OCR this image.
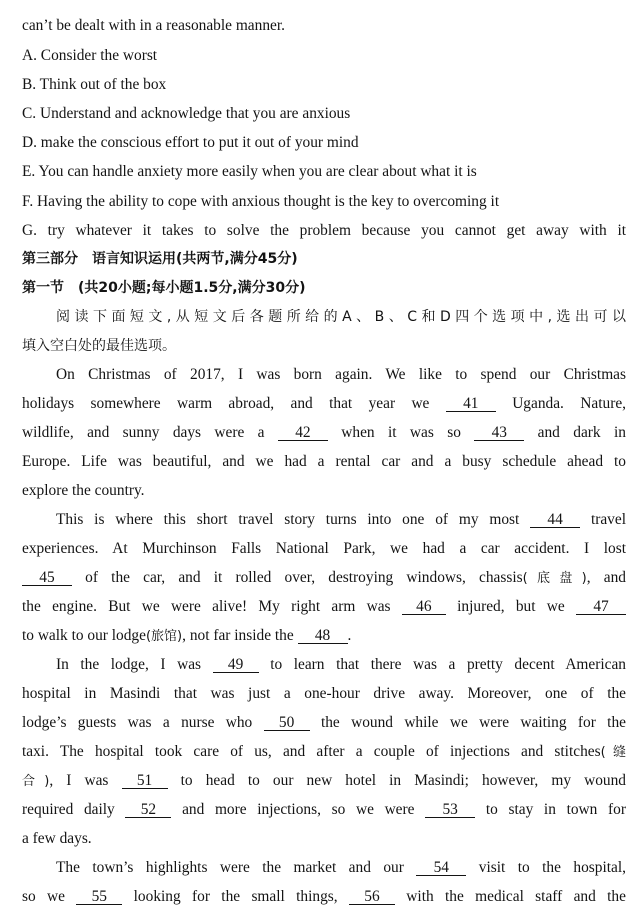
can’t be dealt with in a reasonable manner.
A. Consider the worst
B. Think out of the box
C. Understand and acknowledge that you are anxious
D. make the conscious effort to put it out of your mind
E. You can handle anxiety more easily when you are clear about what it is
F. Having the ability to cope with anxious thought is the key to overcoming it
G. try whatever it takes to solve the problem because you cannot get away with it
第三部分　语言知识运用(共两节,满分45分)
第一节　(共20小题;每小题1.5分,满分30分)
阅读下面短文,从短文后各题所给的A、B、C和D四个选项中,选出可以
填入空白处的最佳选项。
On Christmas of 2017, I was born again. We like to spend our Christmas
holidays somewhere warm abroad, and that year we 41 Uganda. Nature,
wildlife, and sunny days were a 42 when it was so 43 and dark in
Europe. Life was beautiful, and we had a rental car and a busy schedule ahead to
explore the country.
This is where this short travel story turns into one of my most 44 travel
experiences. At Murchinson Falls National Park, we had a car accident. I lost
45 of the car, and it rolled over, destroying windows, chassis(底盘), and
the engine. But we were alive! My right arm was 46 injured, but we 47
to walk to our lodge(旅馆), not far inside the 48 .
In the lodge, I was 49 to learn that there was a pretty decent American
hospital in Masindi that was just a one-hour drive away. Moreover, one of the
lodge’s guests was a nurse who 50 the wound while we were waiting for the
taxi. The hospital took care of us, and after a couple of injections and stitches(缝
合), I was 51 to head to our new hotel in Masindi; however, my wound
required daily 52 and more injections, so we were 53 to stay in town for
a few days.
The town’s highlights were the market and our 54 visit to the hospital,
so we 55 looking for the small things, 56 with the medical staff and the
